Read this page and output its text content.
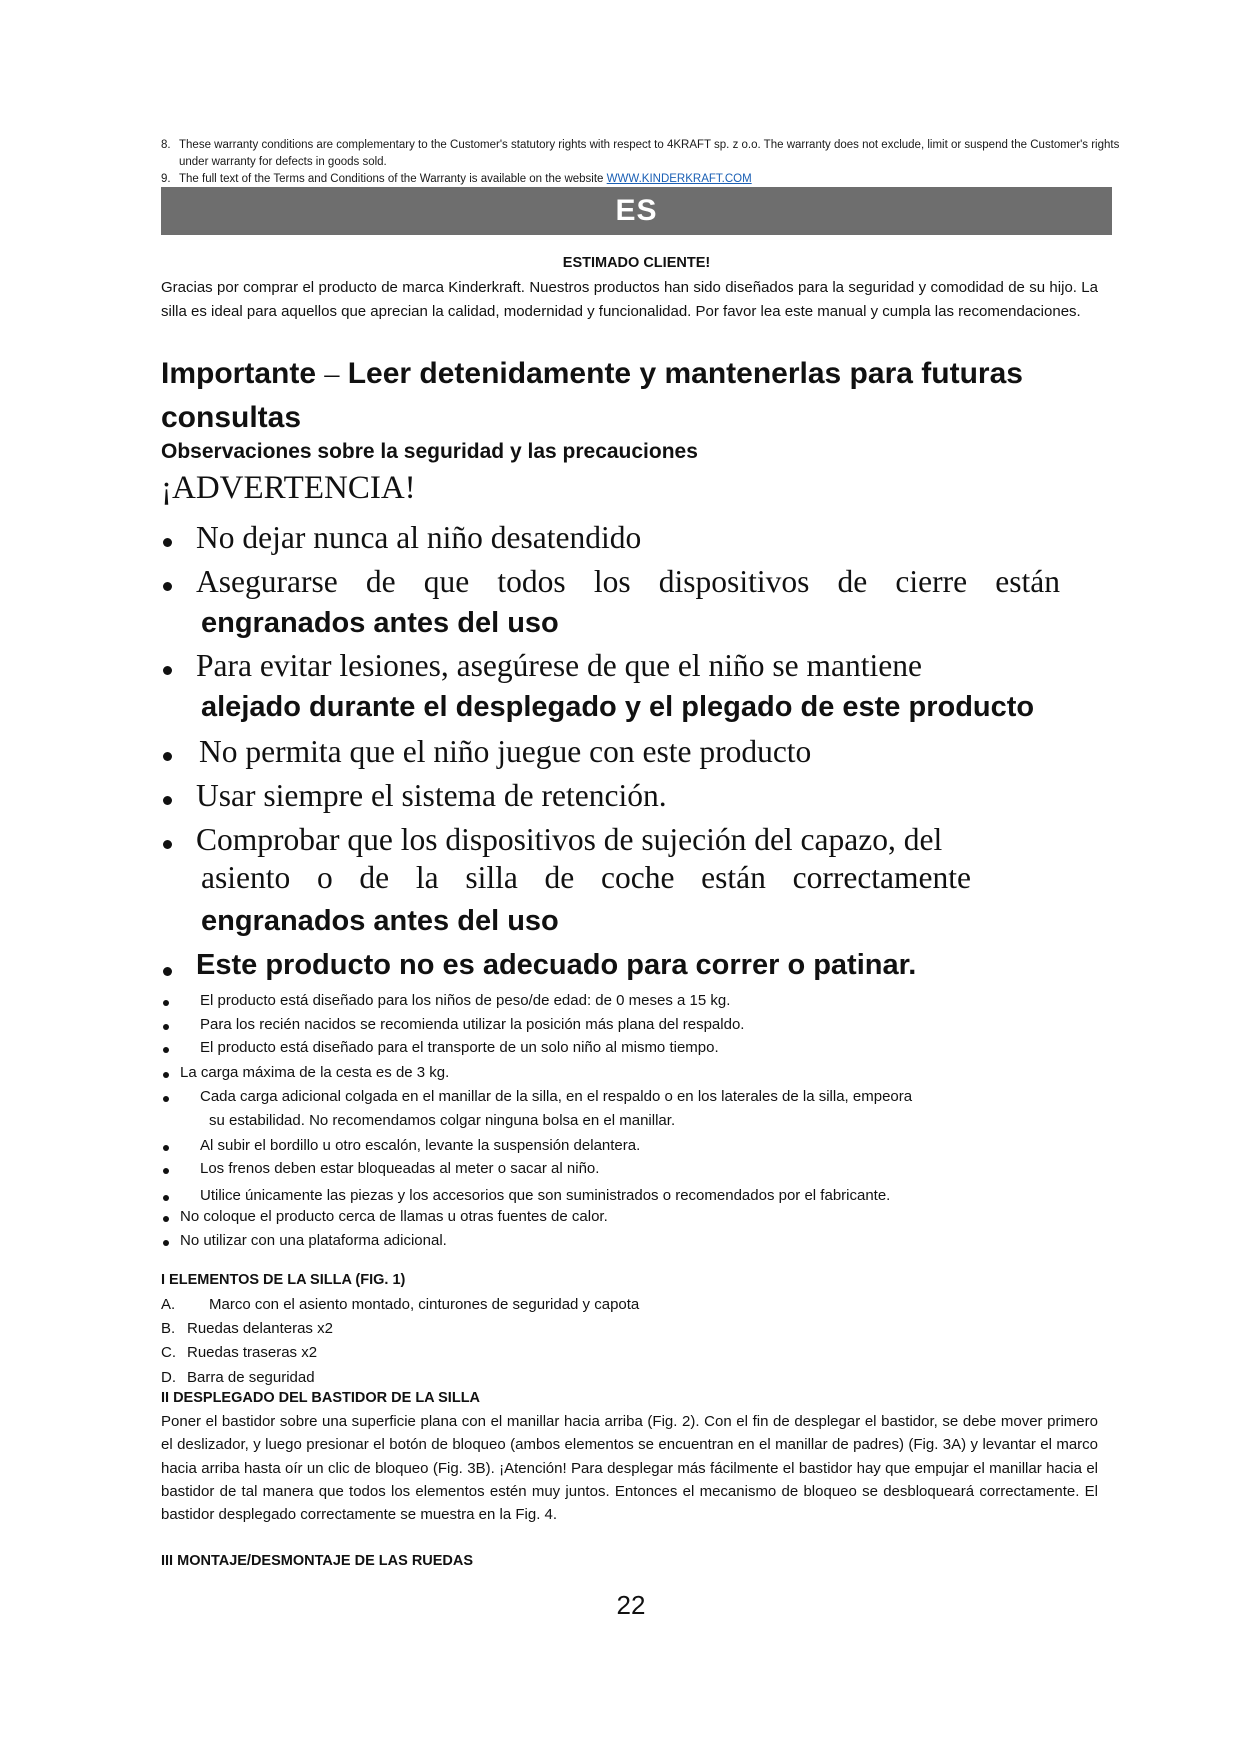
8. These warranty conditions are complementary to the Customer's statutory rights with respect to 4KRAFT sp. z o.o. The warranty does not exclude, limit or suspend the Customer's rights under warranty for defects in goods sold.
9. The full text of the Terms and Conditions of the Warranty is available on the website WWW.KINDERKRAFT.COM
ES
ESTIMADO CLIENTE!
Gracias por comprar el producto de marca Kinderkraft. Nuestros productos han sido diseñados para la seguridad y comodidad de su hijo. La silla es ideal para aquellos que aprecian la calidad, modernidad y funcionalidad. Por favor lea este manual y cumpla las recomendaciones.
Importante – Leer detenidamente y mantenerlas para futuras consultas
Observaciones sobre la seguridad y las precauciones
¡ADVERTENCIA!
No dejar nunca al niño desatendido
Asegurarse de que todos los dispositivos de cierre están
engranados antes del uso
Para evitar lesiones, asegúrese de que el niño se mantiene
alejado durante el desplegado y el plegado de este producto
No permita que el niño juegue con este producto
Usar siempre el sistema de retención.
Comprobar que los dispositivos de sujeción del capazo, del
asiento o de la silla de coche están correctamente
engranados antes del uso
Este producto no es adecuado para correr o patinar.
El producto está diseñado para los niños de peso/de edad: de 0 meses a 15 kg.
Para los recién nacidos se recomienda utilizar la posición más plana del respaldo.
El producto está diseñado para el transporte de un solo niño al mismo tiempo.
La carga máxima de la cesta es de 3 kg.
Cada carga adicional colgada en el manillar de la silla, en el respaldo o en los laterales de la silla, empeora
su estabilidad. No recomendamos colgar ninguna bolsa en el manillar.
Al subir el bordillo u otro escalón, levante la suspensión delantera.
Los frenos deben estar bloqueadas al meter o sacar al niño.
Utilice únicamente las piezas y los accesorios que son suministrados o recomendados por el fabricante.
No coloque el producto cerca de llamas u otras fuentes de calor.
No utilizar con una plataforma adicional.
I ELEMENTOS DE LA SILLA (FIG. 1)
A. Marco con el asiento montado, cinturones de seguridad y capota
B. Ruedas delanteras x2
C. Ruedas traseras x2
D. Barra de seguridad
II DESPLEGADO DEL BASTIDOR DE LA SILLA
Poner el bastidor sobre una superficie plana con el manillar hacia arriba (Fig. 2). Con el fin de desplegar el bastidor, se debe mover primero el deslizador, y luego presionar el botón de bloqueo (ambos elementos se encuentran en el manillar de padres) (Fig. 3A) y levantar el marco hacia arriba hasta oír un clic de bloqueo (Fig. 3B). ¡Atención! Para desplegar más fácilmente el bastidor hay que empujar el manillar hacia el bastidor de tal manera que todos los elementos estén muy juntos. Entonces el mecanismo de bloqueo se desbloqueará correctamente. El bastidor desplegado correctamente se muestra en la Fig. 4.
III MONTAJE/DESMONTAJE DE LAS RUEDAS
22
